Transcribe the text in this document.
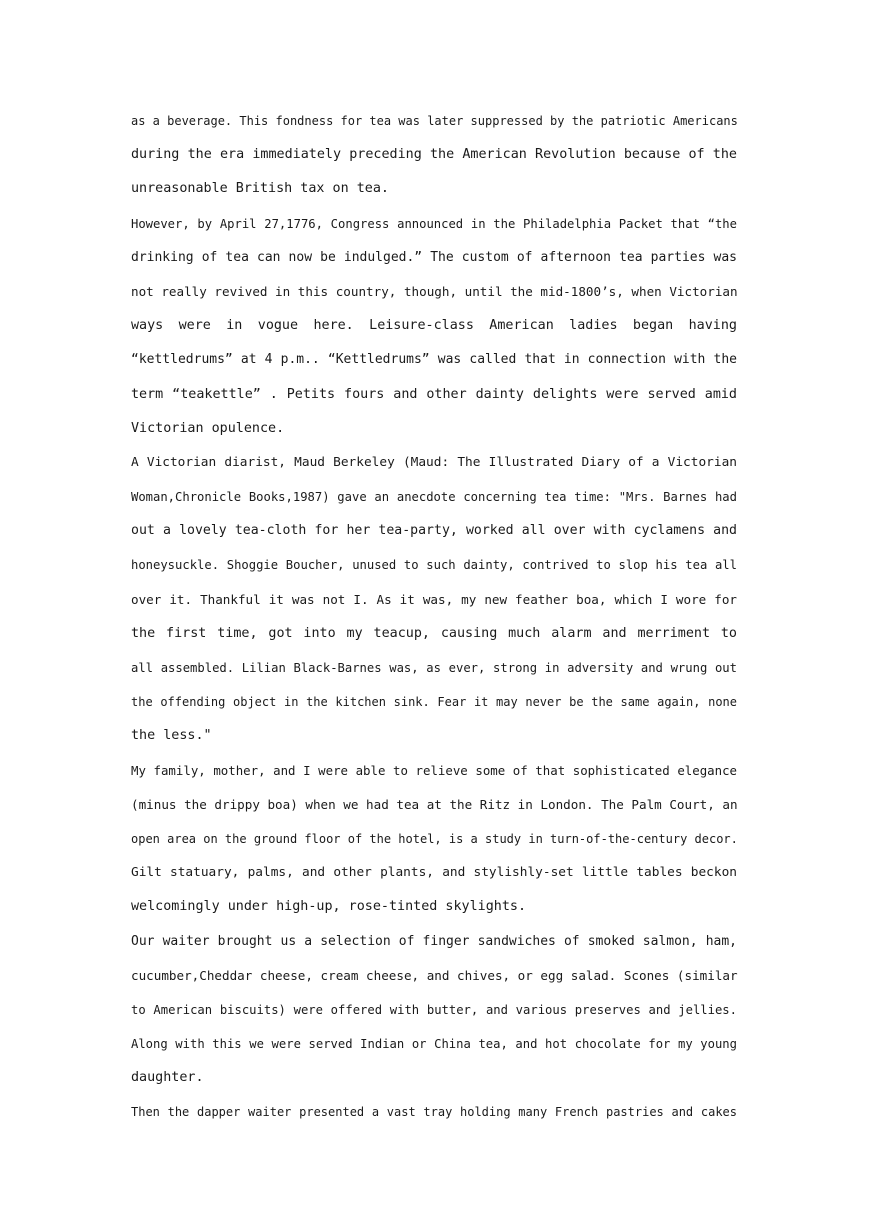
as a beverage. This fondness for tea was later suppressed by the patriotic Americans
during the era immediately preceding the American Revolution because of the
unreasonable British tax on tea.
However, by April 27,1776, Congress announced in the Philadelphia Packet that “the
drinking of tea can now be indulged.” The custom of afternoon tea parties was
not really revived in this country, though, until the mid-1800’s, when Victorian
ways were in vogue here. Leisure-class American ladies began having
“kettledrums” at 4 p.m.. “Kettledrums” was called that in connection with the
term “teakettle” . Petits fours and other dainty delights were served amid
Victorian opulence.
A Victorian diarist, Maud Berkeley (Maud: The Illustrated Diary of a Victorian
Woman,Chronicle Books,1987) gave an anecdote concerning tea time: "Mrs. Barnes had
out a lovely tea-cloth for her tea-party, worked all over with cyclamens and
honeysuckle. Shoggie Boucher, unused to such dainty, contrived to slop his tea all
over it. Thankful it was not I. As it was, my new feather boa, which I wore for
the first time, got into my teacup, causing much alarm and merriment to
all assembled. Lilian Black-Barnes was, as ever, strong in adversity and wrung out
the offending object in the kitchen sink. Fear it may never be the same again, none
the less."
My family, mother, and I were able to relieve some of that sophisticated elegance
(minus the drippy boa) when we had tea at the Ritz in London. The Palm Court, an
open area on the ground floor of the hotel, is a study in turn-of-the-century decor.
Gilt statuary, palms, and other plants, and stylishly-set little tables beckon
welcomingly under high-up, rose-tinted skylights.
Our waiter brought us a selection of finger sandwiches of smoked salmon, ham,
cucumber,Cheddar cheese, cream cheese, and chives, or egg salad. Scones (similar
to American biscuits) were offered with butter, and various preserves and jellies.
Along with this we were served Indian or China tea, and hot chocolate for my young
daughter.
Then the dapper waiter presented a vast tray holding many French pastries and cakes
